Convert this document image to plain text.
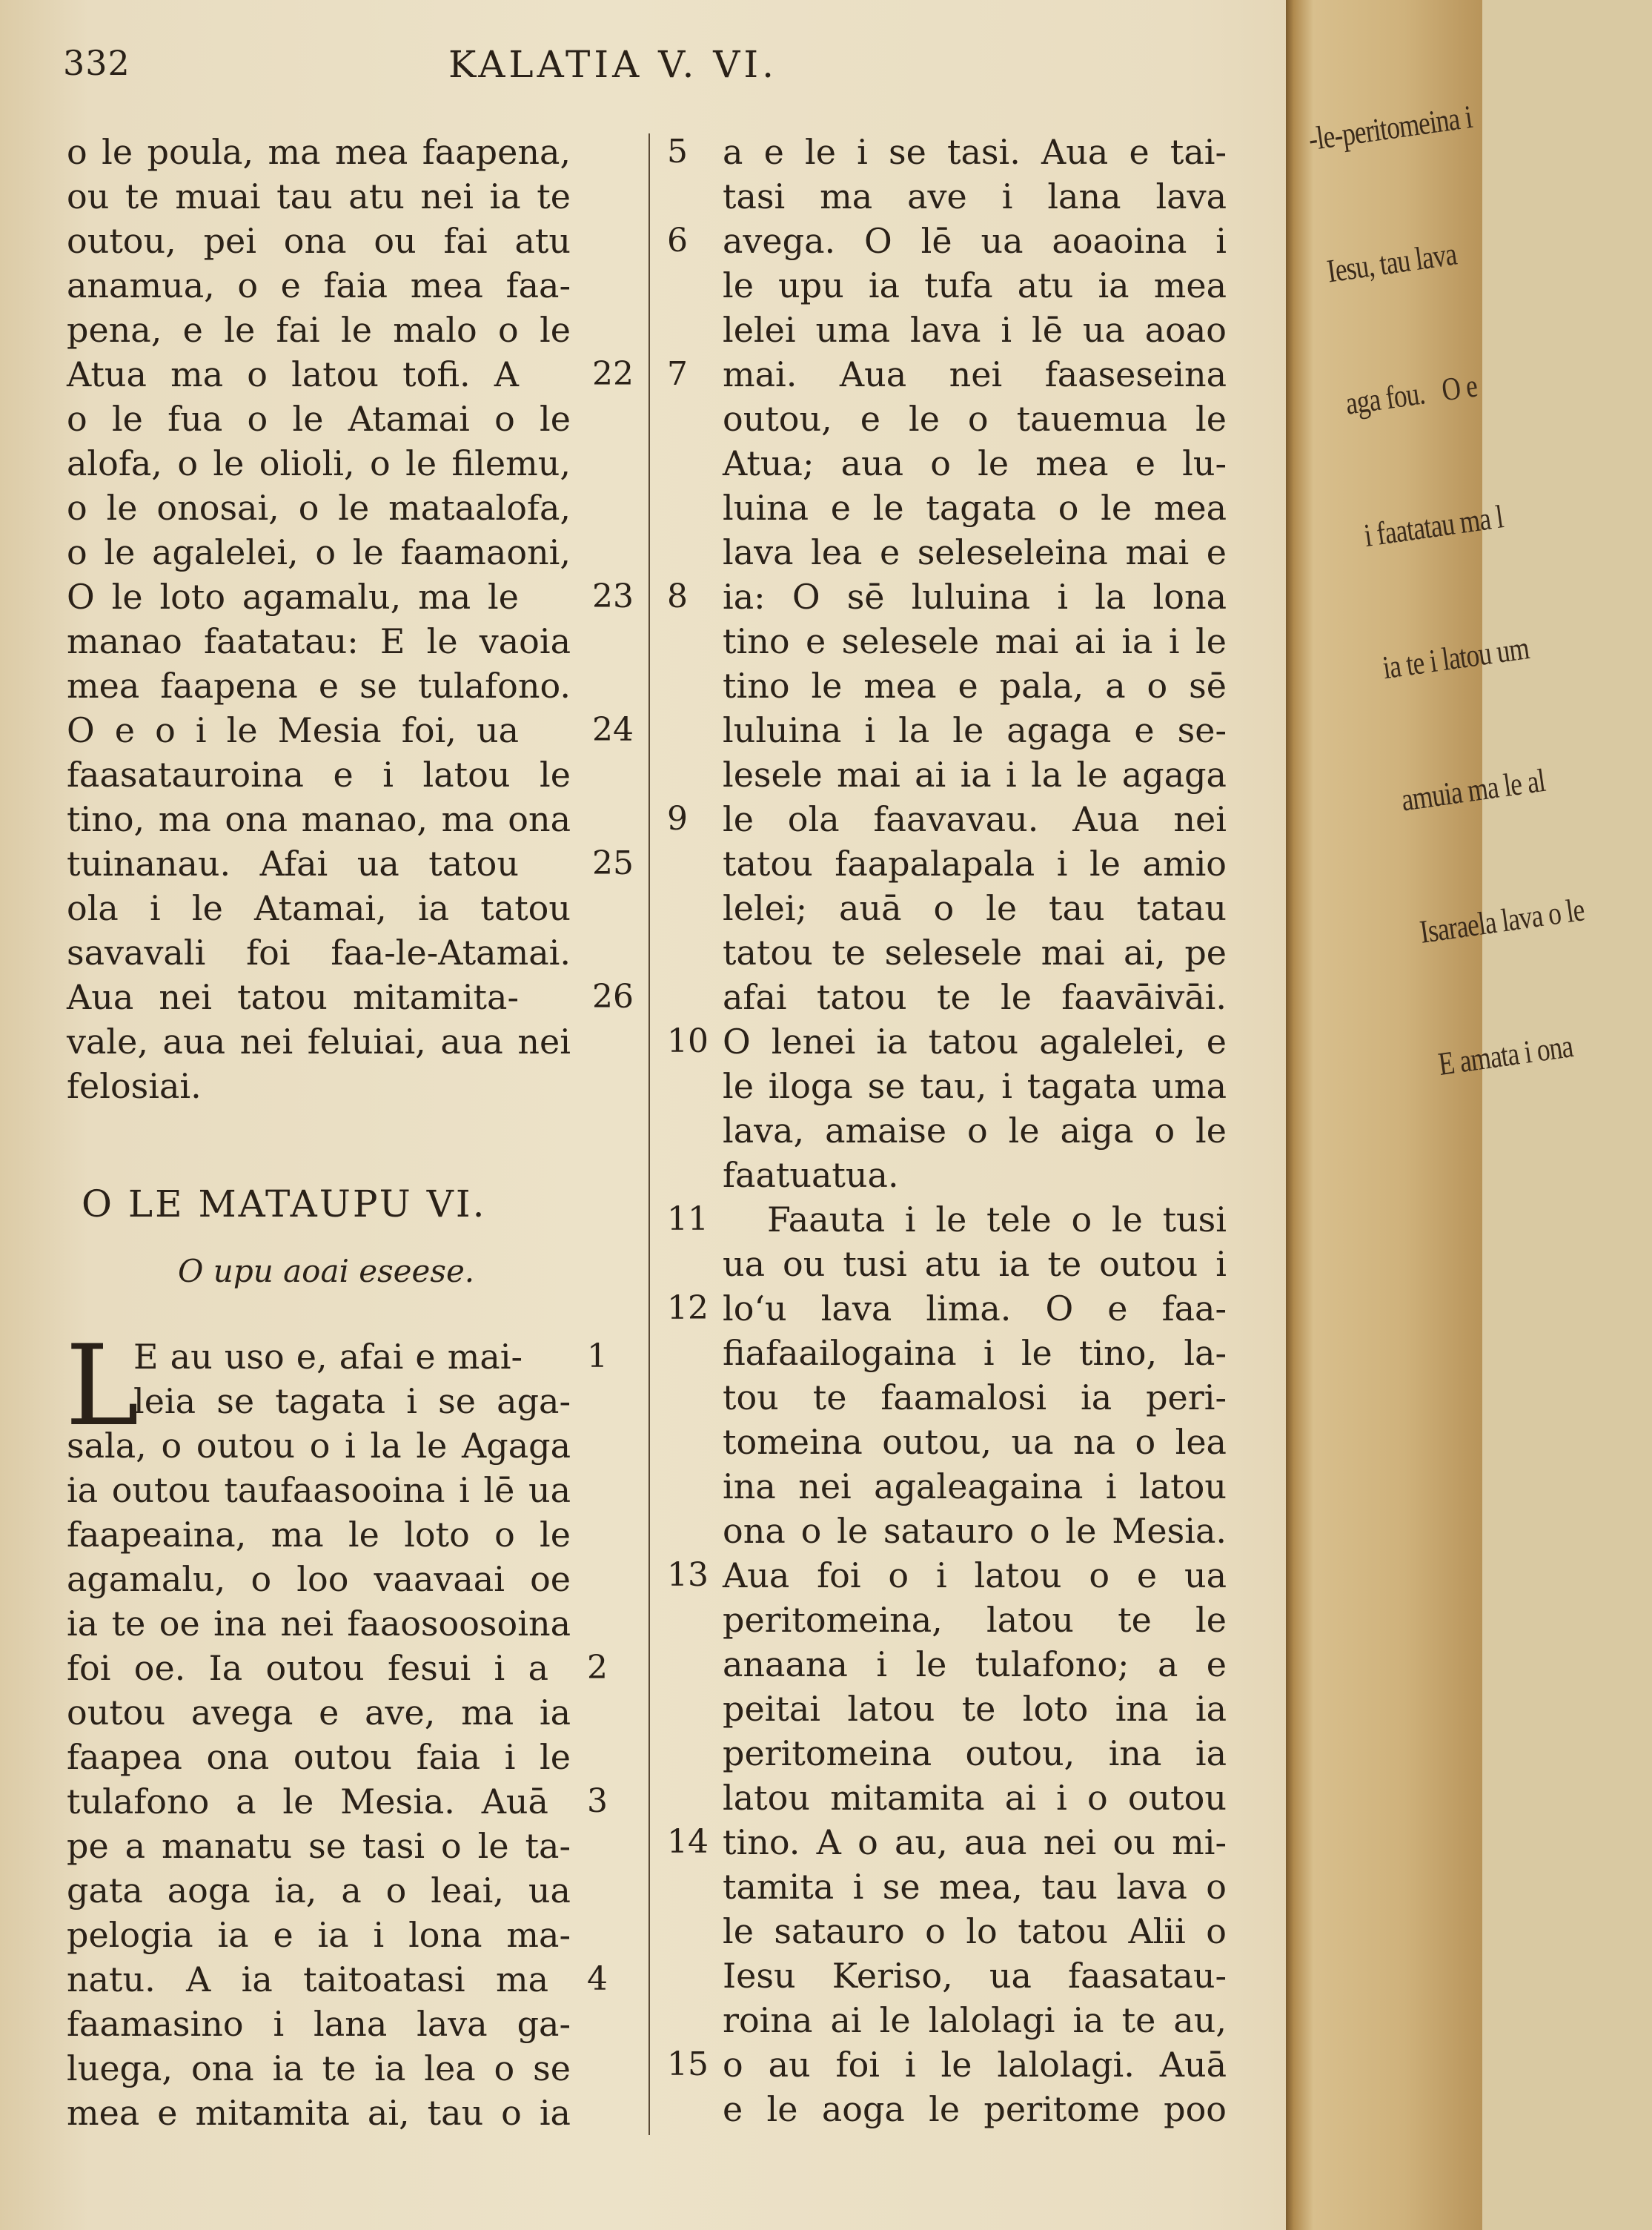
-le-peritomeina i

Iesu, tau lava

aga fou.   O e

i faatatau ma l

ia te i latou um

amuia ma le al

Isaraela lava o le

E amata i ona

332	KALATIA V. VI.
o le poula, ma mea faapena,
ou te muai tau atu nei ia te
outou, pei ona ou fai atu
anamua, o e faia mea faa-
pena, e le fai le malo o le
Atua ma o latou tofi. A
o le fua o le Atamai o le
alofa, o le olioli, o le filemu,
o le onosai, o le mataalofa,
o le agalelei, o le faamaoni,
O le loto agamalu, ma le
manao faatatau: E le vaoia
mea faapena e se tulafono.
O e o i le Mesia foi, ua
faasatauroina e i latou le
tino, ma ona manao, ma ona
tuinanau. Afai ua tatou
ola i le Atamai, ia tatou
savavali foi faa-le-Atamai.
Aua nei tatou mitamita-
vale, aua nei feluiai, aua nei
felosiai.
22
23
24
25
26
O LE MATAUPU VI.
O upu aoai eseese.
L
E au uso e, afai e mai-
leia se tagata i se aga-
sala, o outou o i la le Agaga
ia outou taufaasooina i lē ua
faapeaina, ma le loto o le
agamalu, o loo vaavaai oe
ia te oe ina nei faaosoosoina
foi oe. Ia outou fesui i a
outou avega e ave, ma ia
faapea ona outou faia i le
tulafono a le Mesia. Auā
pe a manatu se tasi o le ta-
gata aoga ia, a o leai, ua
pelogia ia e ia i lona ma-
natu. A ia taitoatasi ma
faamasino i lana lava ga-
luega, ona ia te ia lea o se
mea e mitamita ai, tau o ia
1
2
3
4
a e le i se tasi. Aua e tai-
tasi ma ave i lana lava
avega. O lē ua aoaoina i
le upu ia tufa atu ia mea
lelei uma lava i lē ua aoao
mai. Aua nei faaseseina
outou, e le o tauemua le
Atua; aua o le mea e lu-
luina e le tagata o le mea
lava lea e seleseleina mai e
ia: O sē luluina i la lona
tino e selesele mai ai ia i le
tino le mea e pala, a o sē
luluina i la le agaga e se-
lesele mai ai ia i la le agaga
le ola faavavau. Aua nei
tatou faapalapala i le amio
lelei; auā o le tau tatau
tatou te selesele mai ai, pe
afai tatou te le faavāivāi.
O lenei ia tatou agalelei, e
le iloga se tau, i tagata uma
lava, amaise o le aiga o le
faatuatua.
Faauta i le tele o le tusi
ua ou tusi atu ia te outou i
loʻu lava lima. O e faa-
fiafaailogaina i le tino, la-
tou te faamalosi ia peri-
tomeina outou, ua na o lea
ina nei agaleagaina i latou
ona o le satauro o le Mesia.
Aua foi o i latou o e ua
peritomeina, latou te le
anaana i le tulafono; a e
peitai latou te loto ina ia
peritomeina outou, ina ia
latou mitamita ai i o outou
tino. A o au, aua nei ou mi-
tamita i se mea, tau lava o
le satauro o lo tatou Alii o
Iesu Keriso, ua faasatau-
roina ai le lalolagi ia te au,
o au foi i le lalolagi. Auā
e le aoga le peritome poo
5
6
7
8
9
10
11
12
13
14
15
